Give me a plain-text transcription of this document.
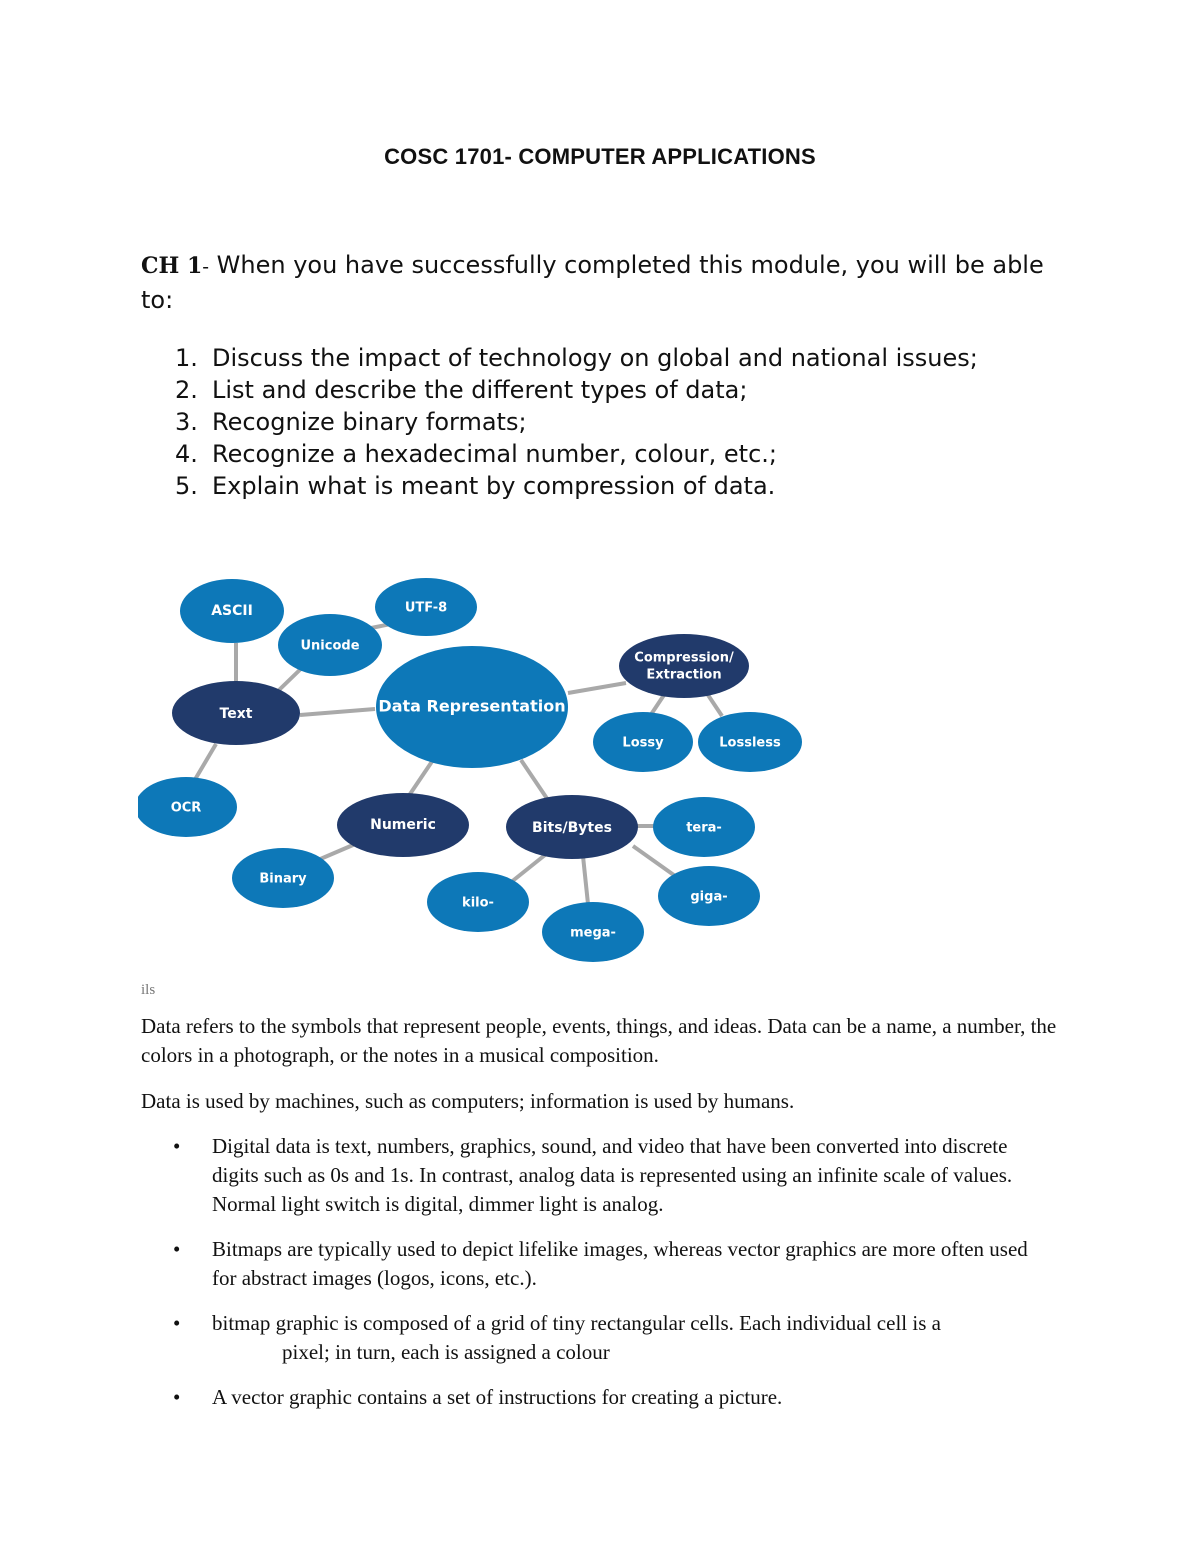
COSC 1701- COMPUTER APPLICATIONS
CH 1- When you have successfully completed this module, you will be able to:
1. Discuss the impact of technology on global and national issues;
2. List and describe the different types of data;
3. Recognize binary formats;
4. Recognize a hexadecimal number, colour, etc.;
5. Explain what is meant by compression of data.
ASCII
Unicode
UTF-8
Text	Data Representation
Compression/
Extraction
Lossy	Lossless
OCR
Numeric	Bits/Bytes	tera-
Binary
kilo-
mega-
giga-
ils

Data refers to the symbols that represent people, events, things, and ideas. Data can be a name, a number, the colors in a photograph, or the notes in a musical composition.

Data is used by machines, such as computers; information is used by humans.

• Digital data is text, numbers, graphics, sound, and video that have been converted into discrete digits such as 0s and 1s. In contrast, analog data is represented using an infinite scale of values. Normal light switch is digital, dimmer light is analog.
• Bitmaps are typically used to depict lifelike images, whereas vector graphics are more often used for abstract images (logos, icons, etc.).
• bitmap graphic is composed of a grid of tiny rectangular cells. Each individual cell is a
pixel; in turn, each is assigned a colour
• A vector graphic contains a set of instructions for creating a picture.
